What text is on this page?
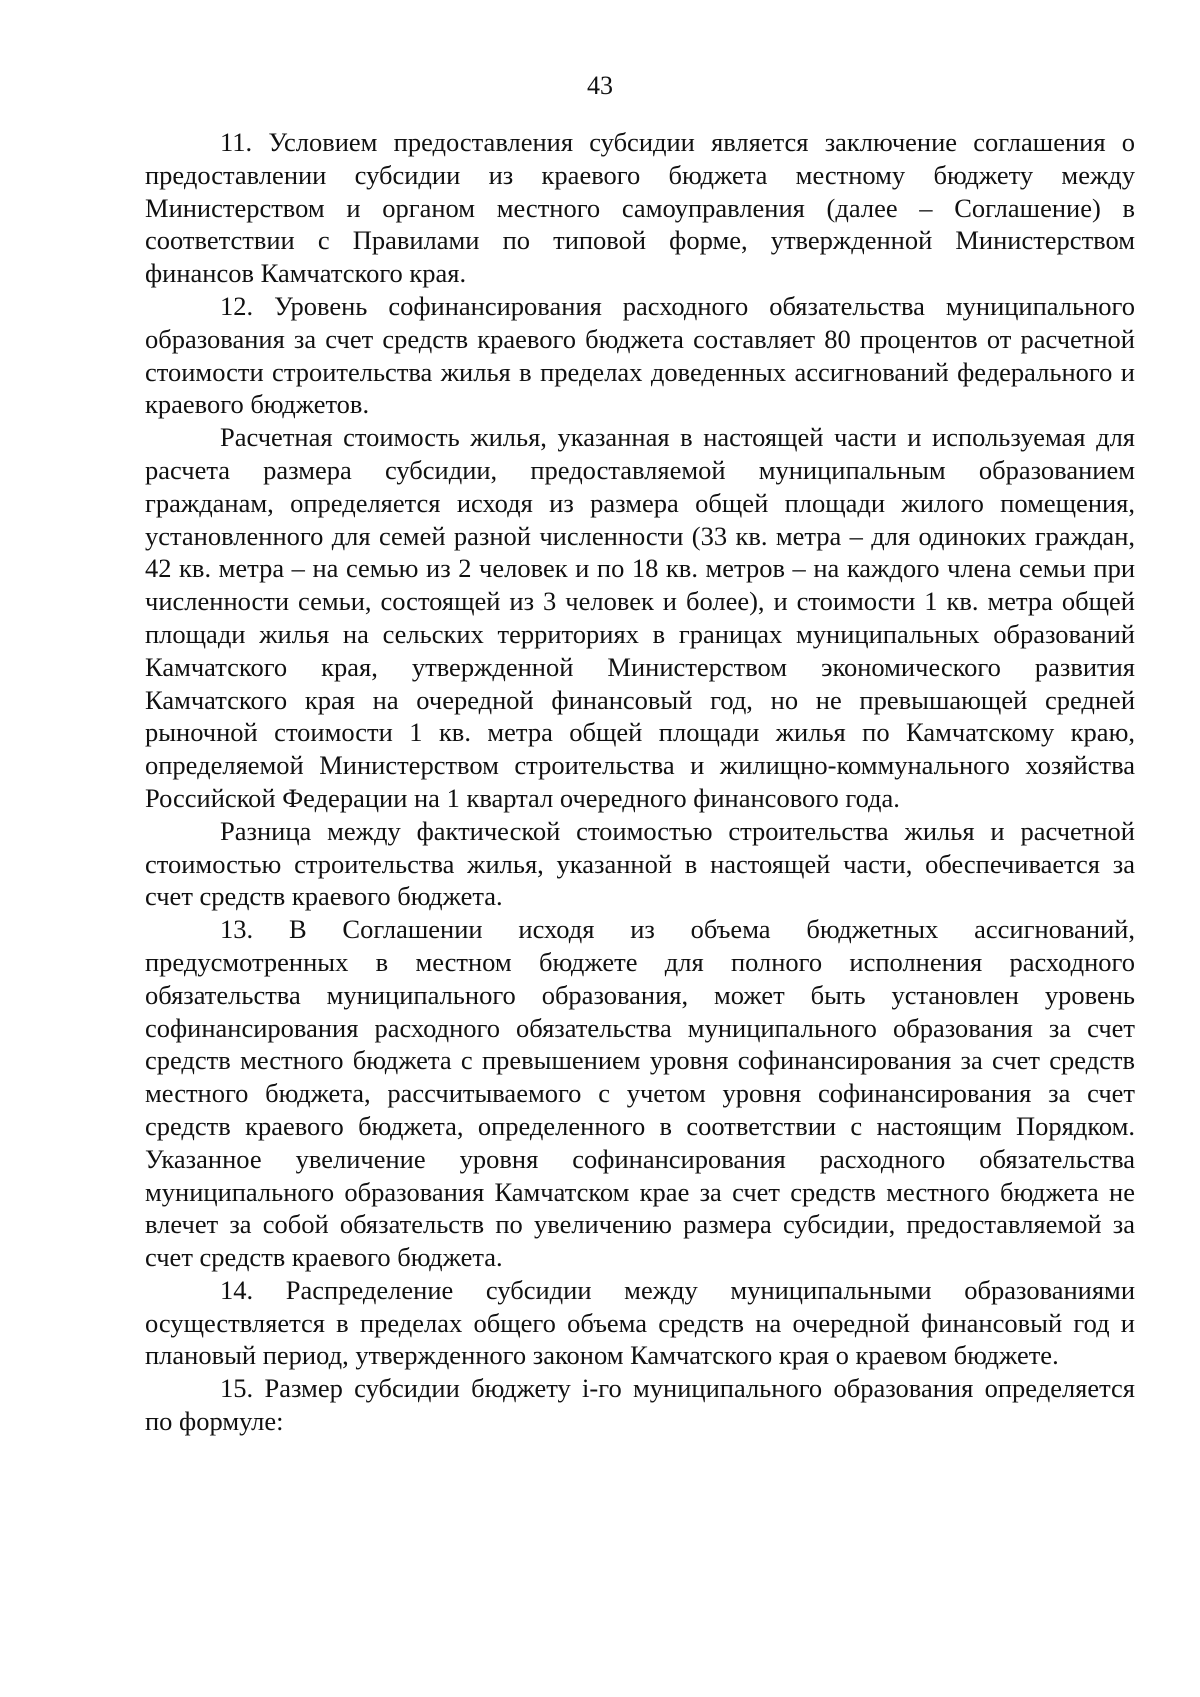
43

11. Условием предоставления субсидии является заключение соглашения о предоставлении субсидии из краевого бюджета местному бюджету между Министерством и органом местного самоуправления (далее – Соглашение) в соответствии с Правилами по типовой форме, утвержденной Министерством финансов Камчатского края.

12. Уровень софинансирования расходного обязательства муниципального образования за счет средств краевого бюджета составляет 80 процентов от расчетной стоимости строительства жилья в пределах доведенных ассигнований федерального и краевого бюджетов.

Расчетная стоимость жилья, указанная в настоящей части и используемая для расчета размера субсидии, предоставляемой муниципальным образованием гражданам, определяется исходя из размера общей площади жилого помещения, установленного для семей разной численности (33 кв. метра – для одиноких граждан, 42 кв. метра – на семью из 2 человек и по 18 кв. метров – на каждого члена семьи при численности семьи, состоящей из 3 человек и более), и стоимости 1 кв. метра общей площади жилья на сельских территориях в границах муниципальных образований Камчатского края, утвержденной Министерством экономического развития Камчатского края на очередной финансовый год, но не превышающей средней рыночной стоимости 1 кв. метра общей площади жилья по Камчатскому краю, определяемой Министерством строительства и жилищно-коммунального хозяйства Российской Федерации на 1 квартал очередного финансового года.

Разница между фактической стоимостью строительства жилья и расчетной стоимостью строительства жилья, указанной в настоящей части, обеспечивается за счет средств краевого бюджета.

13. В Соглашении исходя из объема бюджетных ассигнований, предусмотренных в местном бюджете для полного исполнения расходного обязательства муниципального образования, может быть установлен уровень софинансирования расходного обязательства муниципального образования за счет средств местного бюджета с превышением уровня софинансирования за счет средств местного бюджета, рассчитываемого с учетом уровня софинансирования за счет средств краевого бюджета, определенного в соответствии с настоящим Порядком. Указанное увеличение уровня софинансирования расходного обязательства муниципального образования Камчатском крае за счет средств местного бюджета не влечет за собой обязательств по увеличению размера субсидии, предоставляемой за счет средств краевого бюджета.

14. Распределение субсидии между муниципальными образованиями осуществляется в пределах общего объема средств на очередной финансовый год и плановый период, утвержденного законом Камчатского края о краевом бюджете.

15. Размер субсидии бюджету i-го муниципального образования определяется по формуле:
